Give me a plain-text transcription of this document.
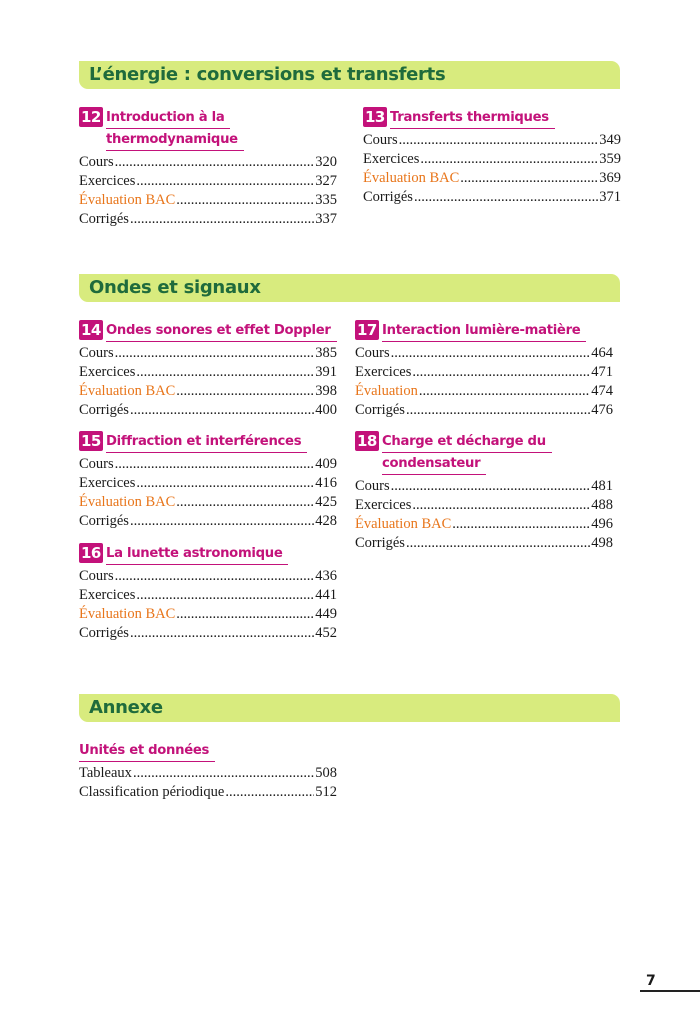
L’énergie : conversions et transferts
Ondes et signaux
Annexe
12 Introduction à la
thermodynamique
Cours .....	320
Exercices .....	327
Évaluation BAC .....	335
Corrigés .....	337
13 Transferts thermiques
Cours .....	349
Exercices .....	359
Évaluation BAC .....	369
Corrigés .....	371
14 Ondes sonores et effet Doppler
Cours .....	385
Exercices .....	391
Évaluation BAC .....	398
Corrigés .....	400
15 Diffraction et interférences
Cours .....	409
Exercices .....	416
Évaluation BAC .....	425
Corrigés .....	428
16 La lunette astronomique
Cours .....	436
Exercices .....	441
Évaluation BAC .....	449
Corrigés .....	452
17 Interaction lumière-matière
Cours .....	464
Exercices .....	471
Évaluation .....	474
Corrigés .....	476
18 Charge et décharge du
condensateur
Cours .....	481
Exercices .....	488
Évaluation BAC .....	496
Corrigés .....	498
Unités et données
Tableaux .....	508
Classification périodique .....	512
7
